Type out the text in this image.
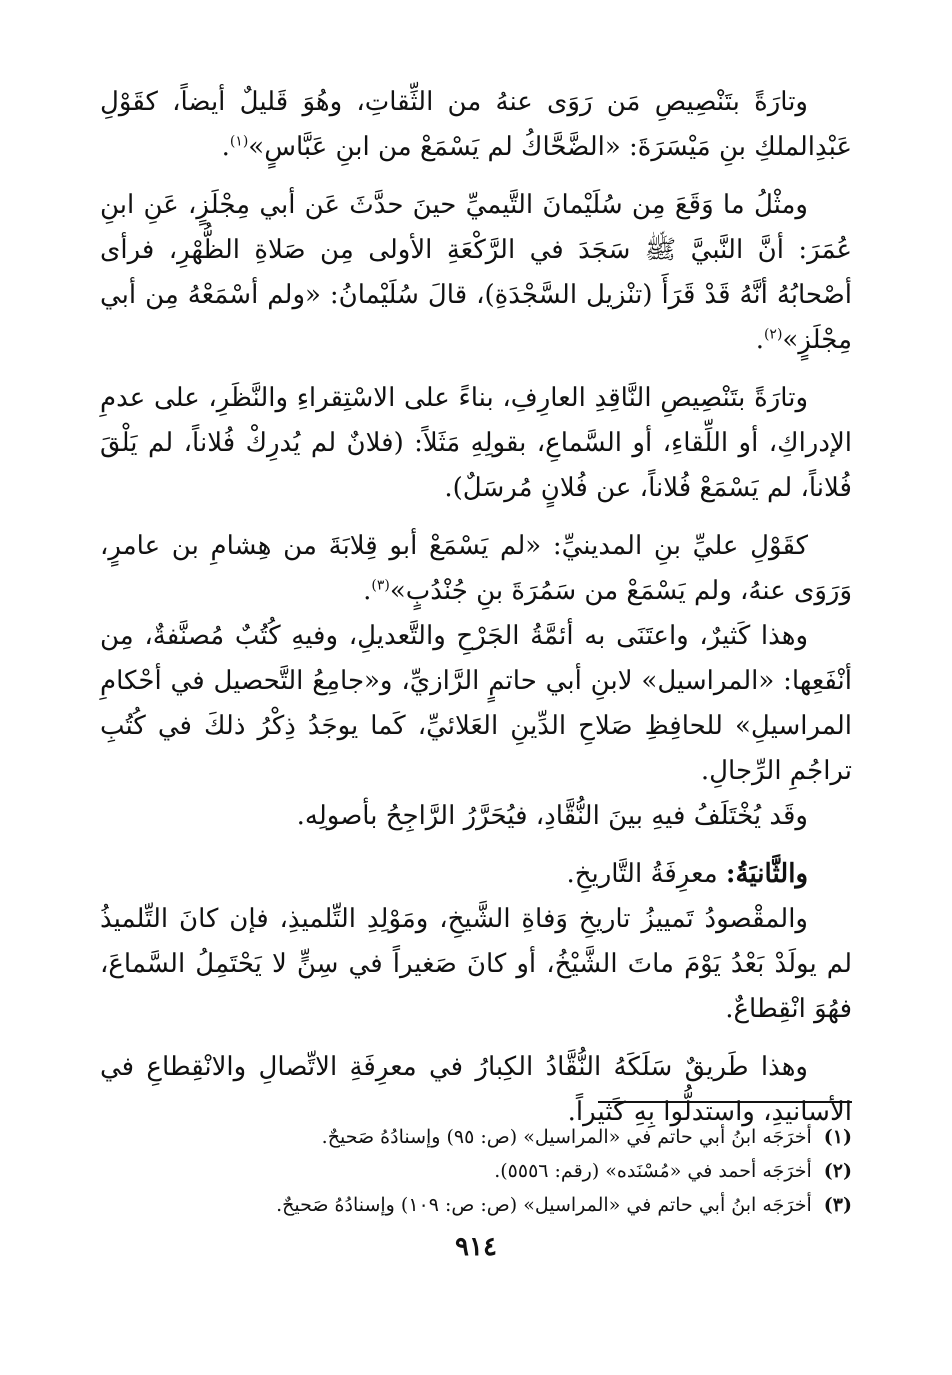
وتارَةً بتَنْصِيصِ مَن رَوَى عنهُ من الثِّقاتِ، وهُوَ قَليلٌ أيضاً، كقَوْلِ عَبْدِالملكِ بنِ مَيْسَرَةَ: «الضَّحَّاكُ لم يَسْمَعْ من ابنِ عَبَّاسٍ»$^{(١)}$.

ومثْلُ ما وَقَعَ مِن سُلَيْمانَ التَّيميِّ حينَ حدَّثَ عَن أبي مِجْلَزٍ، عَنِ ابنِ عُمَرَ: أنَّ النَّبيَّ ﷺ سَجَدَ في الرَّكْعَةِ الأولى مِن صَلاةِ الظُّهْرِ، فرأى أصْحابُهُ أنَّهُ قَدْ قَرَأَ (تنْزيل السَّجْدَةِ)، قالَ سُلَيْمانُ: «ولم أسْمَعْهُ مِن أبي مِجْلَزٍ»$^{(٢)}$.

وتارَةً بتَنْصِيصِ النَّاقِدِ العارِفِ، بناءً على الاسْتِقراءِ والنَّظَرِ، على عدمِ الإدراكِ، أو اللِّقاءِ، أو السَّماعِ، بقولِهِ مَثَلاً: (فلانٌ لم يُدرِكْ فُلاناً، لم يَلْقَ فُلاناً، لم يَسْمَعْ فُلاناً، عن فُلانٍ مُرسَلٌ).

كقَوْلِ عليِّ بنِ المدينيِّ: «لم يَسْمَعْ أبو قِلابَةَ من هِشامِ بن عامرٍ، وَرَوَى عنهُ، ولم يَسْمَعْ من سَمُرَةَ بنِ جُنْدُبٍ»$^{(٣)}$.

وهذا كَثيرٌ، واعتَنَى به أئمَّةُ الجَرْحِ والتَّعديلِ، وفيهِ كُتُبٌ مُصنَّفةٌ، مِن أنْفَعِها: «المراسيل» لابنِ أبي حاتمٍ الرَّازيِّ، و«جامِعُ التَّحصيل في أحْكامِ المراسيلِ» للحافِظِ صَلاحِ الدِّينِ العَلائيِّ، كَما يوجَدُ ذِكْرُ ذلكَ في كُتُبِ تراجُمِ الرِّجالِ.

وقَد يُخْتَلَفُ فيهِ بينَ النُّقَّادِ، فيُحَرَّرُ الرَّاجِحُ بأصولِه.

والثَّانيَةُ: معرِفَةُ التَّاريخِ.

والمقْصودُ تَمييزُ تاريخِ وَفاةِ الشَّيخِ، ومَوْلِدِ التِّلميذِ، فإن كانَ التِّلميذُ لم يولَدْ بَعْدُ يَوْمَ ماتَ الشَّيْخُ، أو كانَ صَغيراً في سِنٍّ لا يَحْتَمِلُ السَّماعَ، فهُوَ انْقِطاعٌ.

وهذا طَريقٌ سَلَكَهُ النُّقَّادُ الكِبارُ في معرِفَةِ الاتِّصالِ والانْقِطاعِ في الأسانيدِ، واستدلُّوا بِهِ كَثيراً.

(١)أخرَجَه ابنُ أبي حاتم في «المراسيل» (ص: ٩٥) وإسنادُهُ صَحيحٌ.
(٢)أخرَجَه أحمد في «مُسْنَده» (رقم: ٥٥٥٦).
(٣)أخرَجَه ابنُ أبي حاتم في «المراسيل» (ص: ص: ١٠٩) وإسنادُهُ صَحيحٌ.
٩١٤
